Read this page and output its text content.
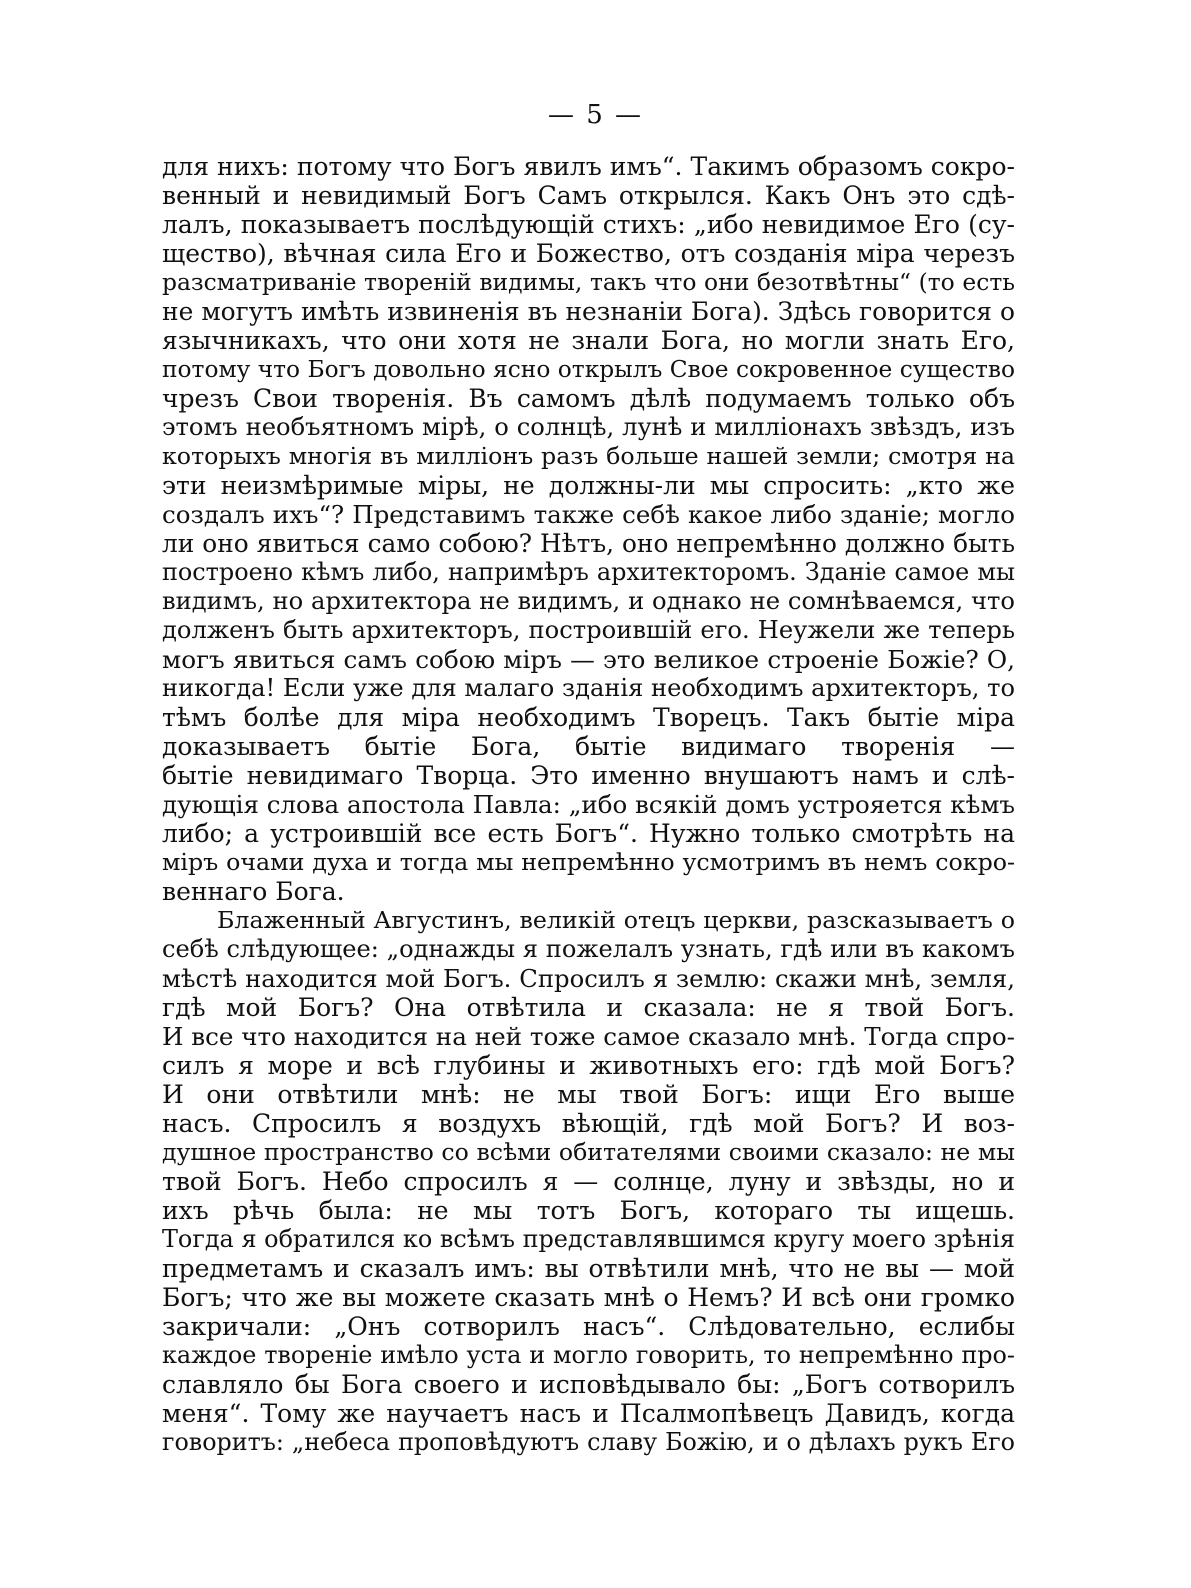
— 5 —
для нихъ: потому что Богъ явилъ имъ“. Такимъ образомъ сокро-
венный и невидимый Богъ Самъ открылся. Какъ Онъ это сдѣ-
лалъ, показываетъ послѣдующій стихъ: „ибо невидимое Его (су-
щество), вѣчная сила Его и Божество, отъ созданія міра черезъ
разсматриваніе твореній видимы, такъ что они безотвѣтны“ (то есть
не могутъ имѣть извиненія въ незнаніи Бога). Здѣсь говорится о
язычникахъ, что они хотя не знали Бога, но могли знать Его,
потому что Богъ довольно ясно открылъ Свое сокровенное существо
чрезъ Свои творенія. Въ самомъ дѣлѣ подумаемъ только объ
этомъ необъятномъ мірѣ, о солнцѣ, лунѣ и милліонахъ звѣздъ, изъ
которыхъ многія въ милліонъ разъ больше нашей земли; смотря на
эти неизмѣримые міры, не должны-ли мы спросить: „кто же
создалъ ихъ“? Представимъ также себѣ какое либо зданіе; могло
ли оно явиться само собою? Нѣтъ, оно непремѣнно должно быть
построено кѣмъ либо, напримѣръ архитекторомъ. Зданіе самое мы
видимъ, но архитектора не видимъ, и однако не сомнѣваемся, что
долженъ быть архитекторъ, построившій его. Неужели же теперь
могъ явиться самъ собою міръ — это великое строеніе Божіе? О,
никогда! Если уже для малаго зданія необходимъ архитекторъ, то
тѣмъ болѣе для міра необходимъ Творецъ. Такъ бытіе міра
доказываетъ бытіе Бога, бытіе видимаго творенія —
бытіе невидимаго Творца. Это именно внушаютъ намъ и слѣ-
дующія слова апостола Павла: „ибо всякій домъ устрояется кѣмъ
либо; а устроившій все есть Богъ“. Нужно только смотрѣть на
міръ очами духа и тогда мы непремѣнно усмотримъ въ немъ сокро-
веннаго Бога.
Блаженный Августинъ, великій отецъ церкви, разсказываетъ о
себѣ слѣдующее: „однажды я пожелалъ узнать, гдѣ или въ какомъ
мѣстѣ находится мой Богъ. Спросилъ я землю: скажи мнѣ, земля,
гдѣ мой Богъ? Она отвѣтила и сказала: не я твой Богъ.
И все что находится на ней тоже самое сказало мнѣ. Тогда спро-
силъ я море и всѣ глубины и животныхъ его: гдѣ мой Богъ?
И они отвѣтили мнѣ: не мы твой Богъ: ищи Его выше
насъ. Спросилъ я воздухъ вѣющій, гдѣ мой Богъ? И воз-
душное пространство со всѣми обитателями своими сказало: не мы
твой Богъ. Небо спросилъ я — солнце, луну и звѣзды, но и
ихъ рѣчь была: не мы тотъ Богъ, котораго ты ищешь.
Тогда я обратился ко всѣмъ представлявшимся кругу моего зрѣнія
предметамъ и сказалъ имъ: вы отвѣтили мнѣ, что не вы — мой
Богъ; что же вы можете сказать мнѣ о Немъ? И всѣ они громко
закричали: „Онъ сотворилъ насъ“. Слѣдовательно, еслибы
каждое твореніе имѣло уста и могло говорить, то непремѣнно про-
славляло бы Бога своего и исповѣдывало бы: „Богъ сотворилъ
меня“. Тому же научаетъ насъ и Псалмопѣвецъ Давидъ, когда
говоритъ: „небеса проповѣдуютъ славу Божію, и о дѣлахъ рукъ Его
